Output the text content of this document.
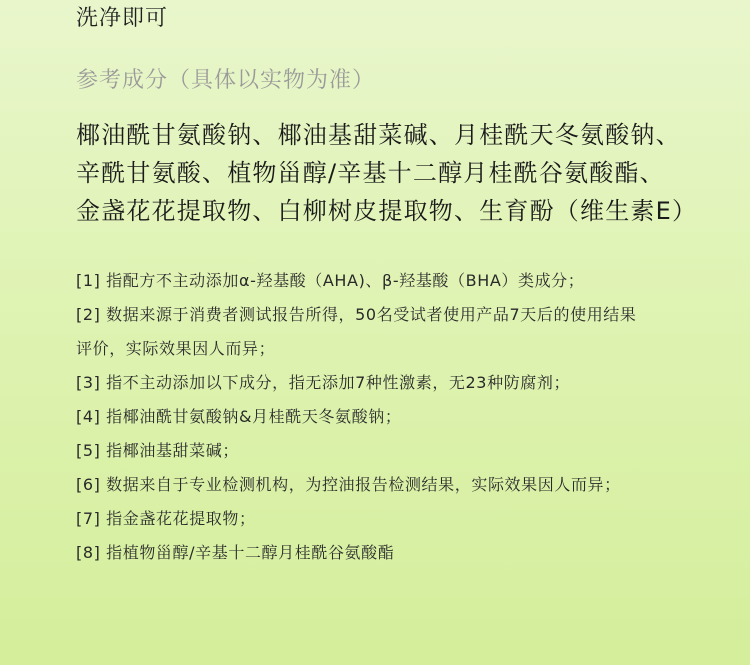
洗净即可
参考成分（具体以实物为准）
椰油酰甘氨酸钠、椰油基甜菜碱、月桂酰天冬氨酸钠、
辛酰甘氨酸、植物甾醇/辛基十二醇月桂酰谷氨酸酯、
金盏花花提取物、白柳树皮提取物、生育酚（维生素E）
[1] 指配方不主动添加α-羟基酸（AHA)、β-羟基酸（BHA）类成分；
[2] 数据来源于消费者测试报告所得，50名受试者使用产品7天后的使用结果
评价，实际效果因人而异；
[3] 指不主动添加以下成分，指无添加7种性激素，无23种防腐剂；
[4] 指椰油酰甘氨酸钠&月桂酰天冬氨酸钠；
[5] 指椰油基甜菜碱；
[6] 数据来自于专业检测机构，为控油报告检测结果，实际效果因人而异；
[7] 指金盏花花提取物；
[8] 指植物甾醇/辛基十二醇月桂酰谷氨酸酯
